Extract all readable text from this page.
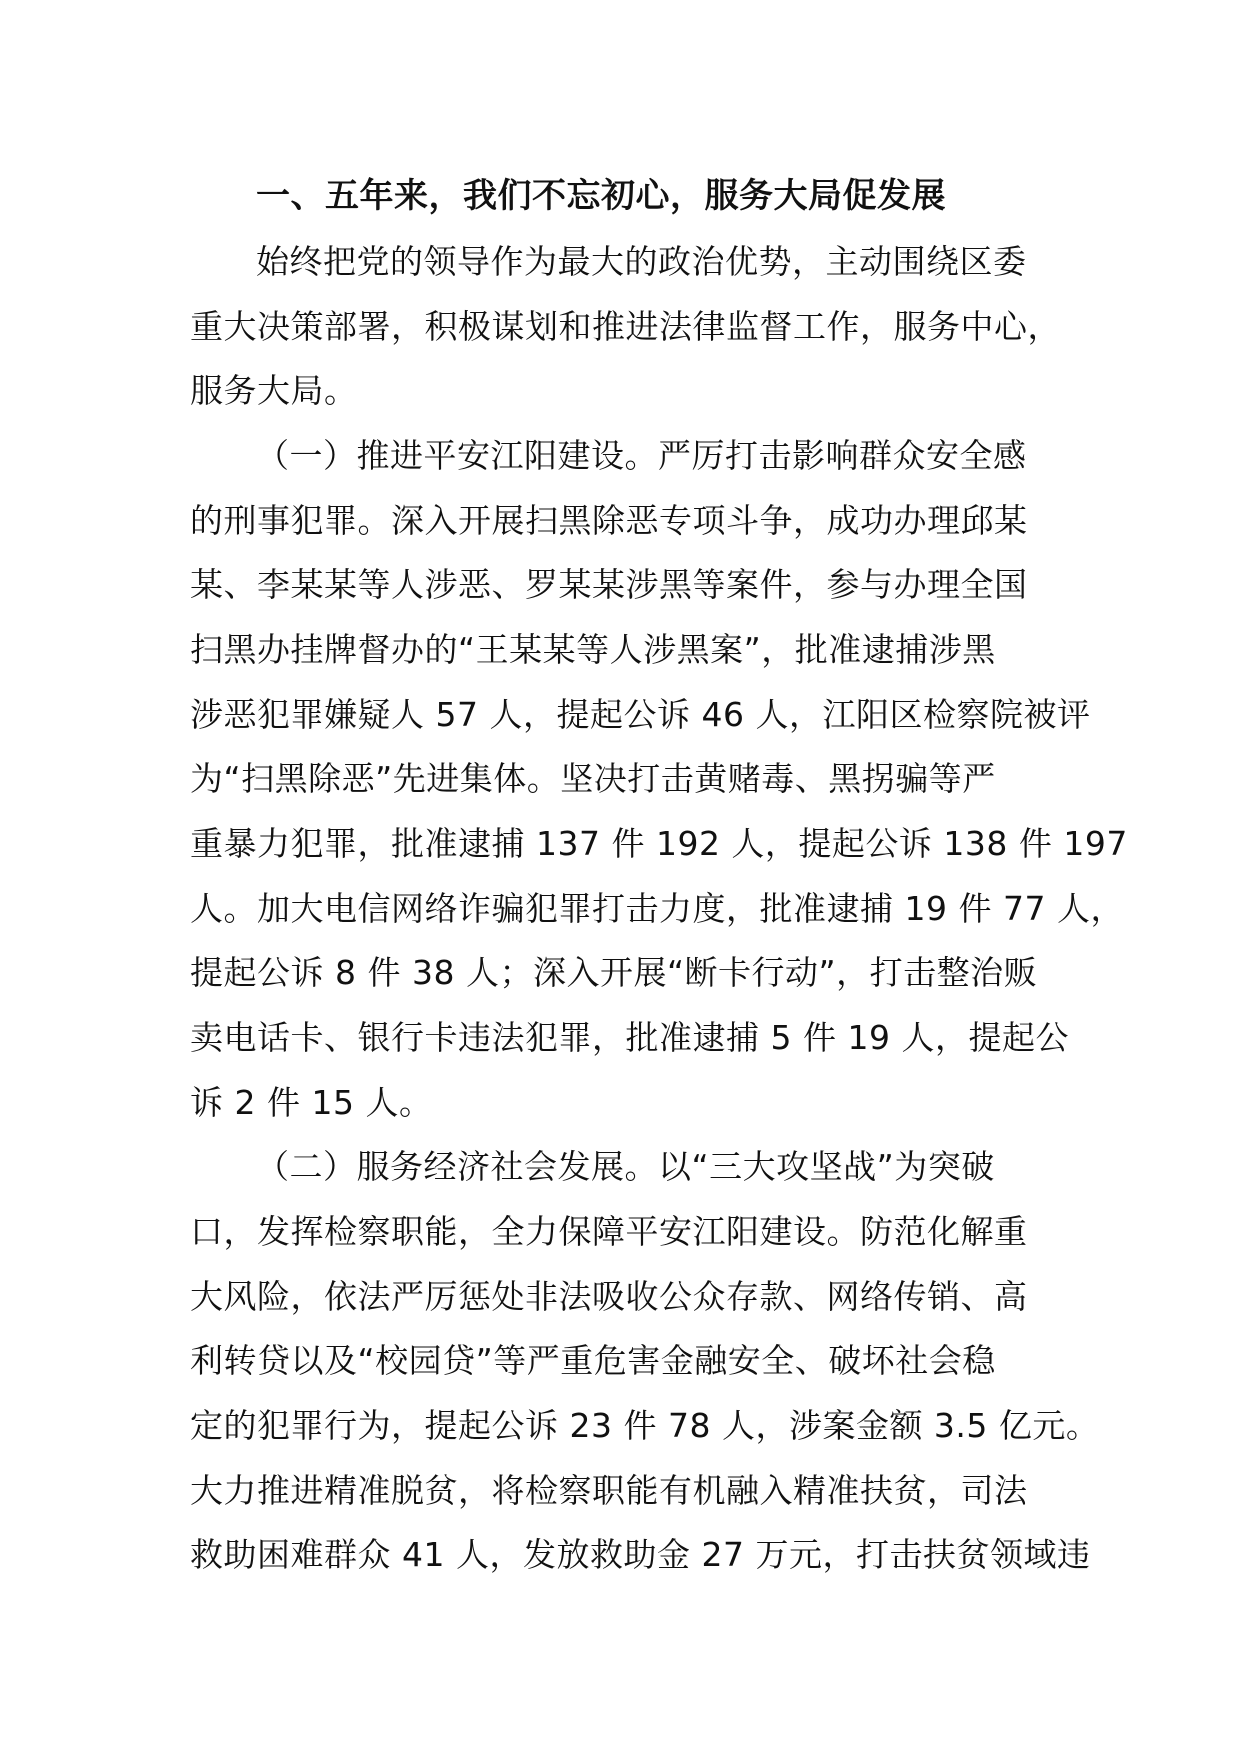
一、五年来，我们不忘初心，服务大局促发展
始终把党的领导作为最大的政治优势，主动围绕区委
重大决策部署，积极谋划和推进法律监督工作，服务中心，
服务大局。
（一）推进平安江阳建设。严厉打击影响群众安全感
的刑事犯罪。深入开展扫黑除恶专项斗争，成功办理邱某
某、李某某等人涉恶、罗某某涉黑等案件，参与办理全国
扫黑办挂牌督办的“王某某等人涉黑案”，批准逮捕涉黑
涉恶犯罪嫌疑人 57 人，提起公诉 46 人，江阳区检察院被评
为“扫黑除恶”先进集体。坚决打击黄赌毒、黑拐骗等严
重暴力犯罪，批准逮捕 137 件 192 人，提起公诉 138 件 197
人。加大电信网络诈骗犯罪打击力度，批准逮捕 19 件 77 人，
提起公诉 8 件 38 人；深入开展“断卡行动”，打击整治贩
卖电话卡、银行卡违法犯罪，批准逮捕 5 件 19 人，提起公
诉 2 件 15 人。
（二）服务经济社会发展。以“三大攻坚战”为突破
口，发挥检察职能，全力保障平安江阳建设。防范化解重
大风险，依法严厉惩处非法吸收公众存款、网络传销、高
利转贷以及“校园贷”等严重危害金融安全、破坏社会稳
定的犯罪行为，提起公诉 23 件 78 人，涉案金额 3.5 亿元。
大力推进精准脱贫，将检察职能有机融入精准扶贫，司法
救助困难群众 41 人，发放救助金 27 万元，打击扶贫领域违
